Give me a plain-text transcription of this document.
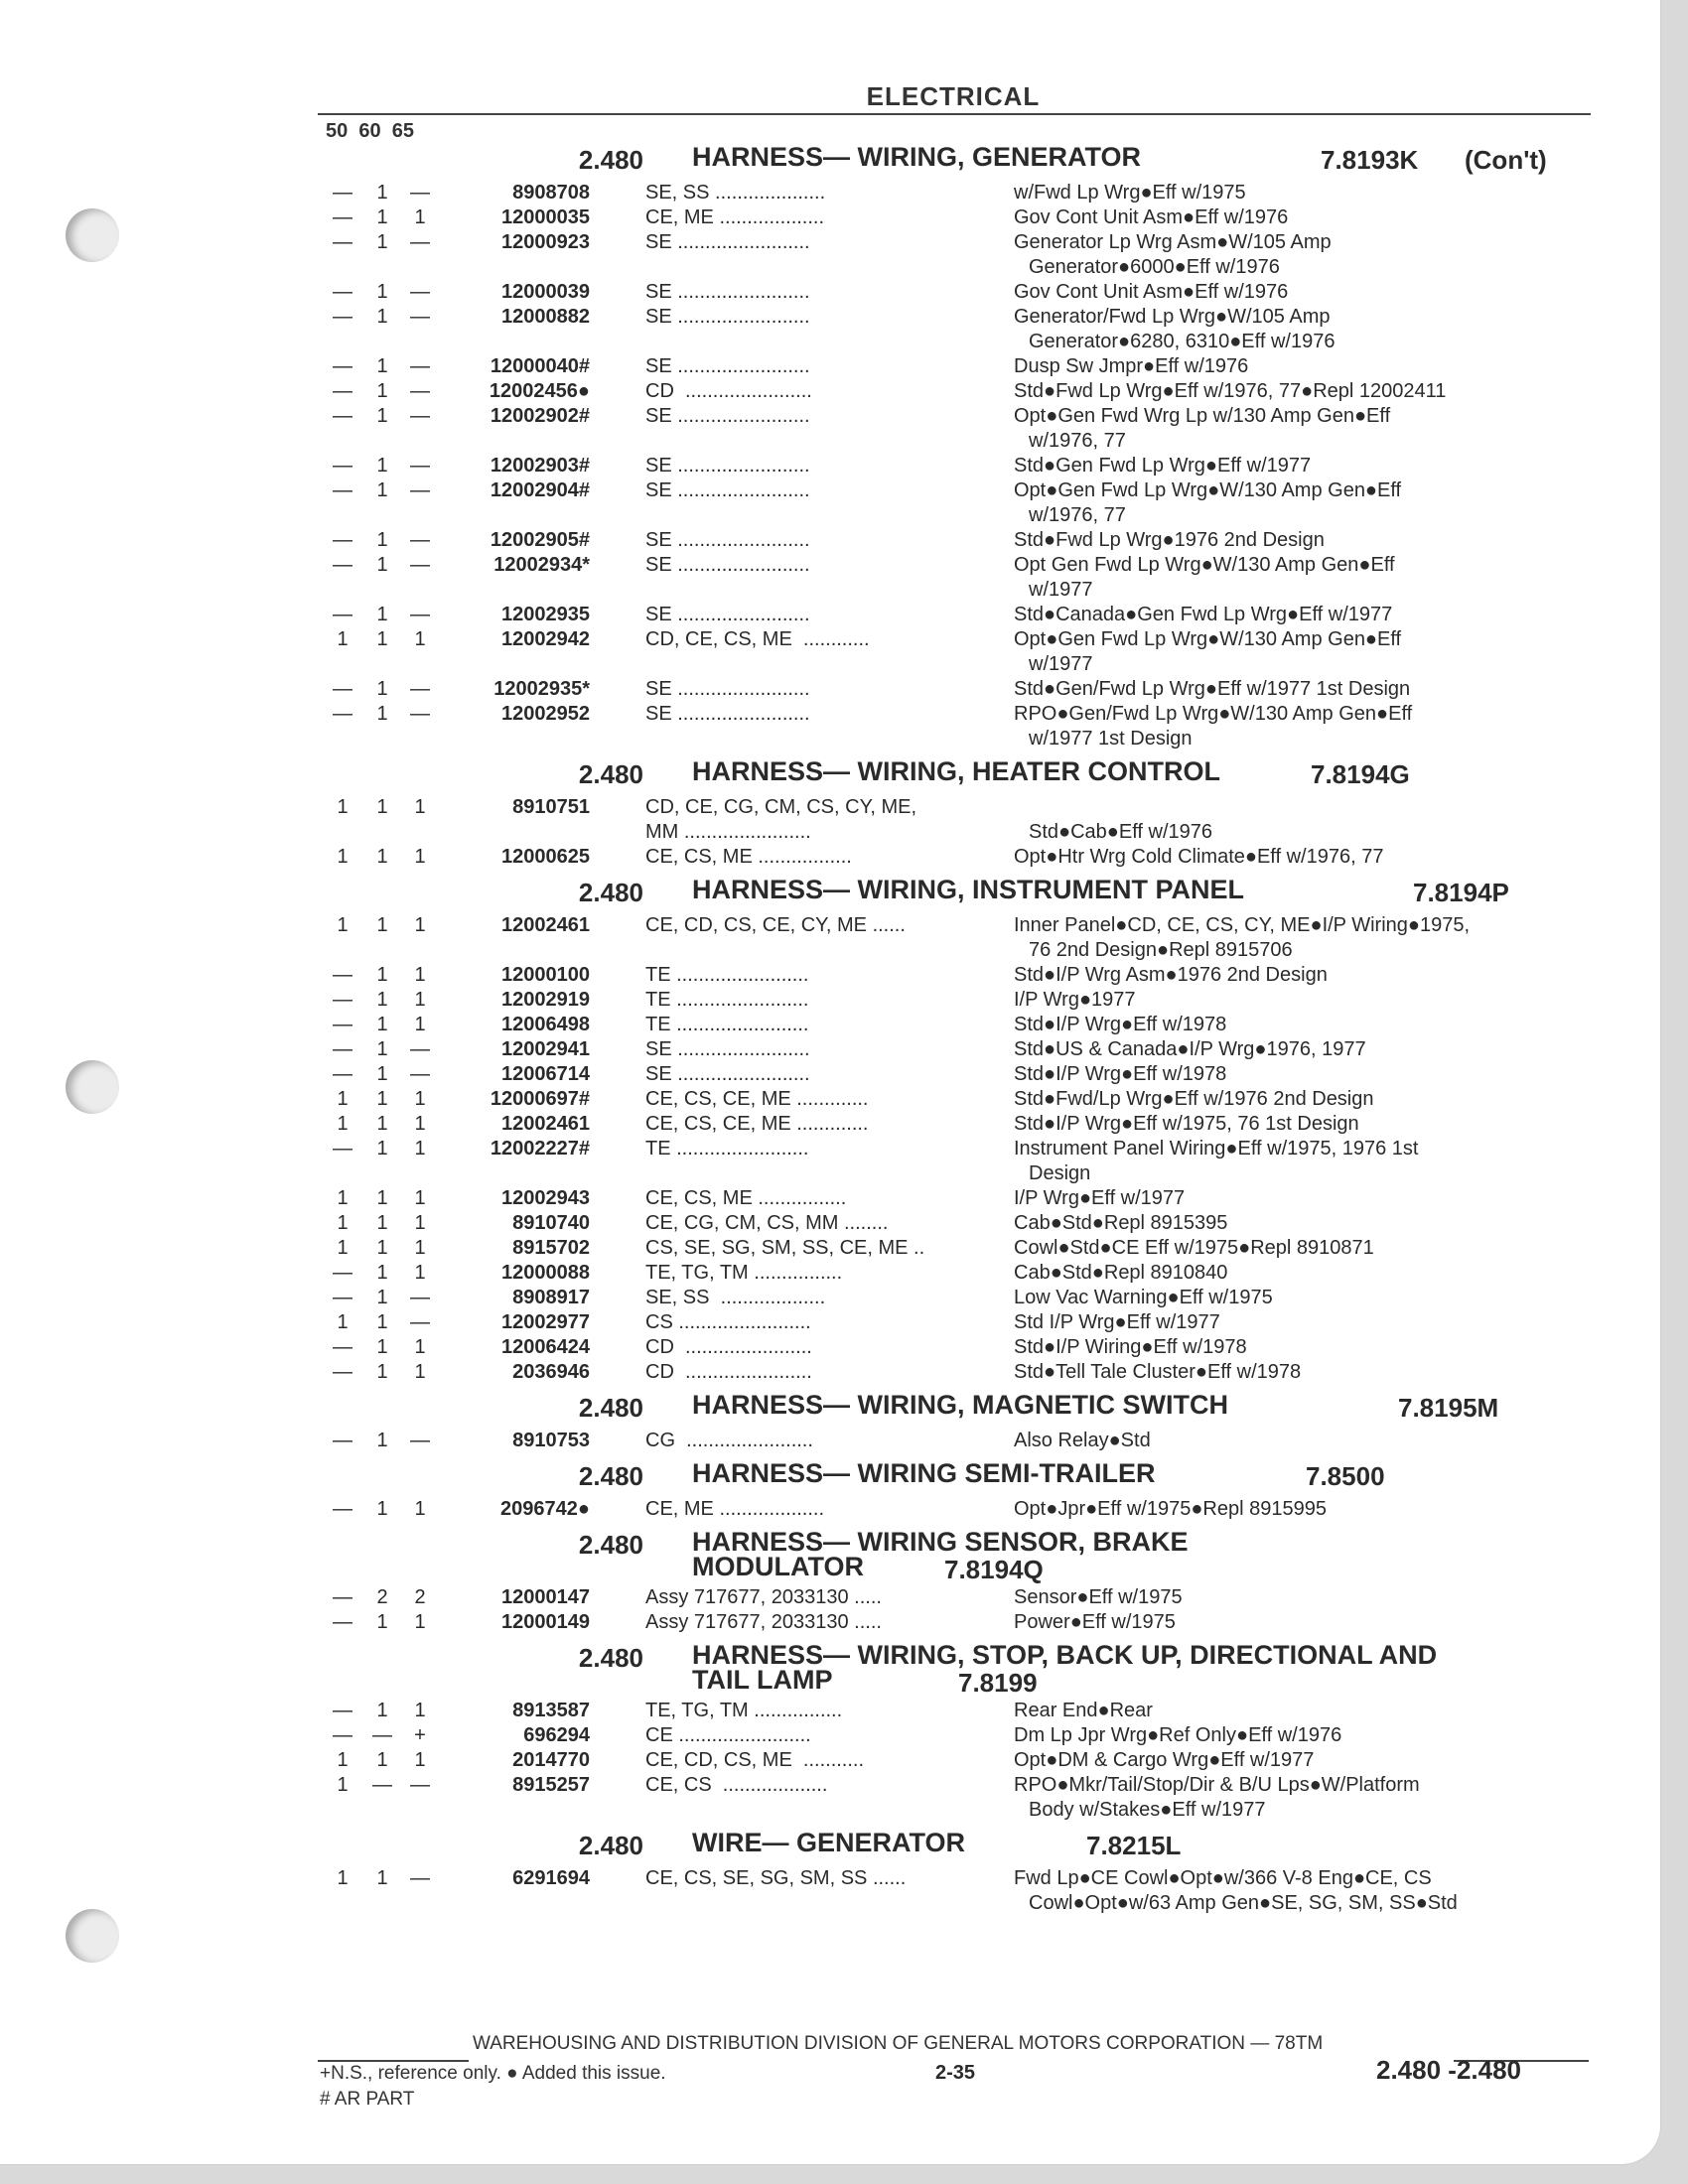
ELECTRICAL
50  60  65
2.480 HARNESS— WIRING, GENERATOR	7.8193K (Con't)
—	1	—	8908708	SE, SS ....................	w/Fwd Lp Wrg●Eff w/1975
—	1	1	12000035	CE, ME ...................	Gov Cont Unit Asm●Eff w/1976
—	1	—	12000923	SE ........................	Generator Lp Wrg Asm●W/105 Amp
Generator●6000●Eff w/1976
—	1	—	12000039	SE ........................	Gov Cont Unit Asm●Eff w/1976
—	1	—	12000882	SE ........................	Generator/Fwd Lp Wrg●W/105 Amp
Generator●6280, 6310●Eff w/1976
—	1	—	12000040#	SE ........................	Dusp Sw Jmpr●Eff w/1976
—	1	—	12002456●	CD  .......................	Std●Fwd Lp Wrg●Eff w/1976, 77●Repl 12002411
—	1	—	12002902#	SE ........................	Opt●Gen Fwd Wrg Lp w/130 Amp Gen●Eff
w/1976, 77
—	1	—	12002903#	SE ........................	Std●Gen Fwd Lp Wrg●Eff w/1977
—	1	—	12002904#	SE ........................	Opt●Gen Fwd Lp Wrg●W/130 Amp Gen●Eff
w/1976, 77
—	1	—	12002905#	SE ........................	Std●Fwd Lp Wrg●1976 2nd Design
—	1	—	12002934*	SE ........................	Opt Gen Fwd Lp Wrg●W/130 Amp Gen●Eff
w/1977
—	1	—	12002935	SE ........................	Std●Canada●Gen Fwd Lp Wrg●Eff w/1977
1	1	1	12002942	CD, CE, CS, ME  ............	Opt●Gen Fwd Lp Wrg●W/130 Amp Gen●Eff
w/1977
—	1	—	12002935*	SE ........................	Std●Gen/Fwd Lp Wrg●Eff w/1977 1st Design
—	1	—	12002952	SE ........................	RPO●Gen/Fwd Lp Wrg●W/130 Amp Gen●Eff
w/1977 1st Design
2.480 HARNESS— WIRING, HEATER CONTROL	7.8194G
1	1	1	8910751	CD, CE, CG, CM, CS, CY, ME,
MM .......................
	Std●Cab●Eff w/1976
1	1	1	12000625	CE, CS, ME .................	Opt●Htr Wrg Cold Climate●Eff w/1976, 77
2.480 HARNESS— WIRING, INSTRUMENT PANEL	7.8194P
1	1	1	12002461	CE, CD, CS, CE, CY, ME ......	Inner Panel●CD, CE, CS, CY, ME●I/P Wiring●1975,
76 2nd Design●Repl 8915706
—	1	1	12000100	TE ........................	Std●I/P Wrg Asm●1976 2nd Design
—	1	1	12002919	TE ........................	I/P Wrg●1977
—	1	1	12006498	TE ........................	Std●I/P Wrg●Eff w/1978
—	1	—	12002941	SE ........................	Std●US & Canada●I/P Wrg●1976, 1977
—	1	—	12006714	SE ........................	Std●I/P Wrg●Eff w/1978
1	1	1	12000697#	CE, CS, CE, ME .............	Std●Fwd/Lp Wrg●Eff w/1976 2nd Design
1	1	1	12002461	CE, CS, CE, ME .............	Std●I/P Wrg●Eff w/1975, 76 1st Design
—	1	1	12002227#	TE ........................	Instrument Panel Wiring●Eff w/1975, 1976 1st
Design
1	1	1	12002943	CE, CS, ME ................	I/P Wrg●Eff w/1977
1	1	1	8910740	CE, CG, CM, CS, MM ........	Cab●Std●Repl 8915395
1	1	1	8915702	CS, SE, SG, SM, SS, CE, ME ..	Cowl●Std●CE Eff w/1975●Repl 8910871
—	1	1	12000088	TE, TG, TM ................	Cab●Std●Repl 8910840
—	1	—	8908917	SE, SS  ...................	Low Vac Warning●Eff w/1975
1	1	—	12002977	CS ........................	Std I/P Wrg●Eff w/1977
—	1	1	12006424	CD  .......................	Std●I/P Wiring●Eff w/1978
—	1	1	2036946	CD  .......................	Std●Tell Tale Cluster●Eff w/1978
2.480 HARNESS— WIRING, MAGNETIC SWITCH	7.8195M
—	1	—	8910753	CG  .......................	Also Relay●Std
2.480 HARNESS— WIRING SEMI-TRAILER	7.8500
—	1	1	2096742●	CE, ME ...................	Opt●Jpr●Eff w/1975●Repl 8915995
2.480 HARNESS— WIRING SENSOR, BRAKE
MODULATOR	7.8194Q
—	2	2	12000147	Assy 717677, 2033130 .....	Sensor●Eff w/1975
—	1	1	12000149	Assy 717677, 2033130 .....	Power●Eff w/1975
2.480 HARNESS— WIRING, STOP, BACK UP, DIRECTIONAL AND
TAIL LAMP	7.8199
—	1	1	8913587	TE, TG, TM ................	Rear End●Rear
— —	+	696294	CE ........................	Dm Lp Jpr Wrg●Ref Only●Eff w/1976
1	1	1	2014770	CE, CD, CS, ME  ...........	Opt●DM & Cargo Wrg●Eff w/1977
1	— —	8915257	CE, CS  ...................	RPO●Mkr/Tail/Stop/Dir & B/U Lps●W/Platform
Body w/Stakes●Eff w/1977
2.480 WIRE— GENERATOR	7.8215L
1	1	—	6291694	CE, CS, SE, SG, SM, SS ......	Fwd Lp●CE Cowl●Opt●w/366 V-8 Eng●CE, CS
Cowl●Opt●w/63 Amp Gen●SE, SG, SM, SS●Std
WAREHOUSING AND DISTRIBUTION DIVISION OF GENERAL MOTORS CORPORATION — 78TM
+N.S., reference only. ● Added this issue.
# AR PART
2-35	2.480 -2.480
